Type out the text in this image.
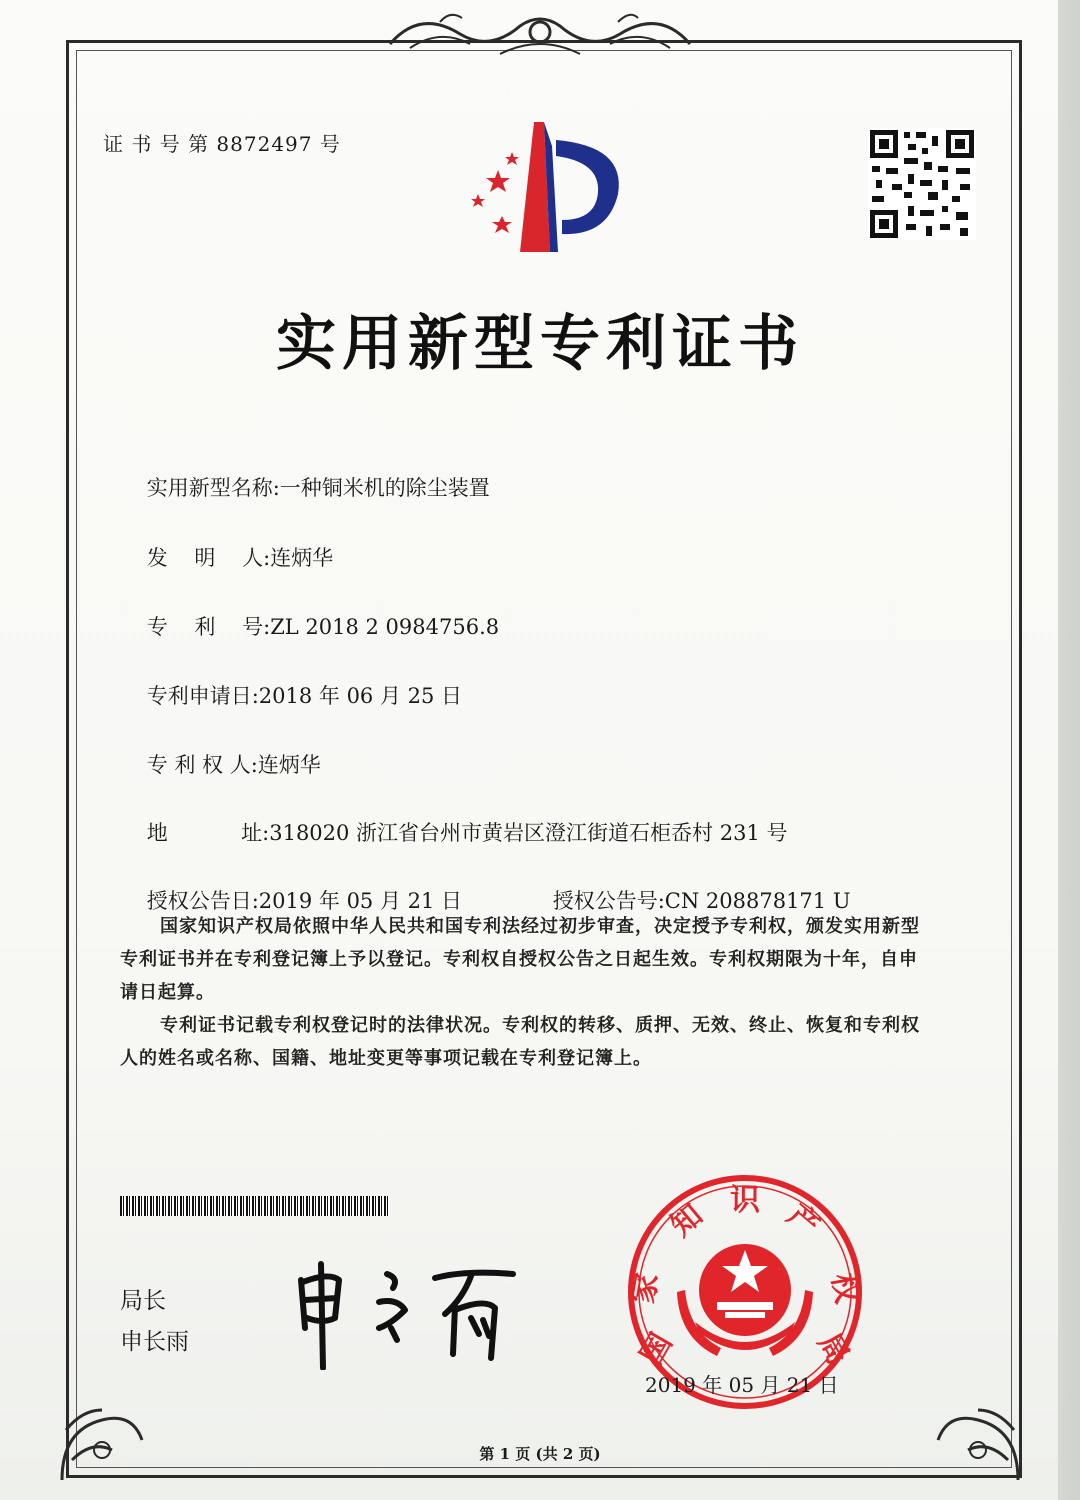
证 书 号 第 8872497 号
实用新型专利证书

实用新型名称:一种铜米机的除尘装置

发    明    人:连炳华

专    利    号:ZL 2018 2 0984756.8

专利申请日:2018 年 06 月 25 日

专 利 权 人:连炳华

地           址:318020 浙江省台州市黄岩区澄江街道石柜岙村 231 号

授权公告日:2019 年 05 月 21 日
	授权公告号:CN 208878171 U

国家知识产权局依照中华人民共和国专利法经过初步审查，决定授予专利权，颁发实用新型专利证书并在专利登记簿上予以登记。专利权自授权公告之日起生效。专利权期限为十年，自申请日起算。
专利证书记载专利权登记时的法律状况。专利权的转移、质押、无效、终止、恢复和专利权人的姓名或名称、国籍、地址变更等事项记载在专利登记簿上。
局长
申长雨	国
家
知 识 产
权
局
2019 年 05 月 21 日
第 1 页 (共 2 页)
